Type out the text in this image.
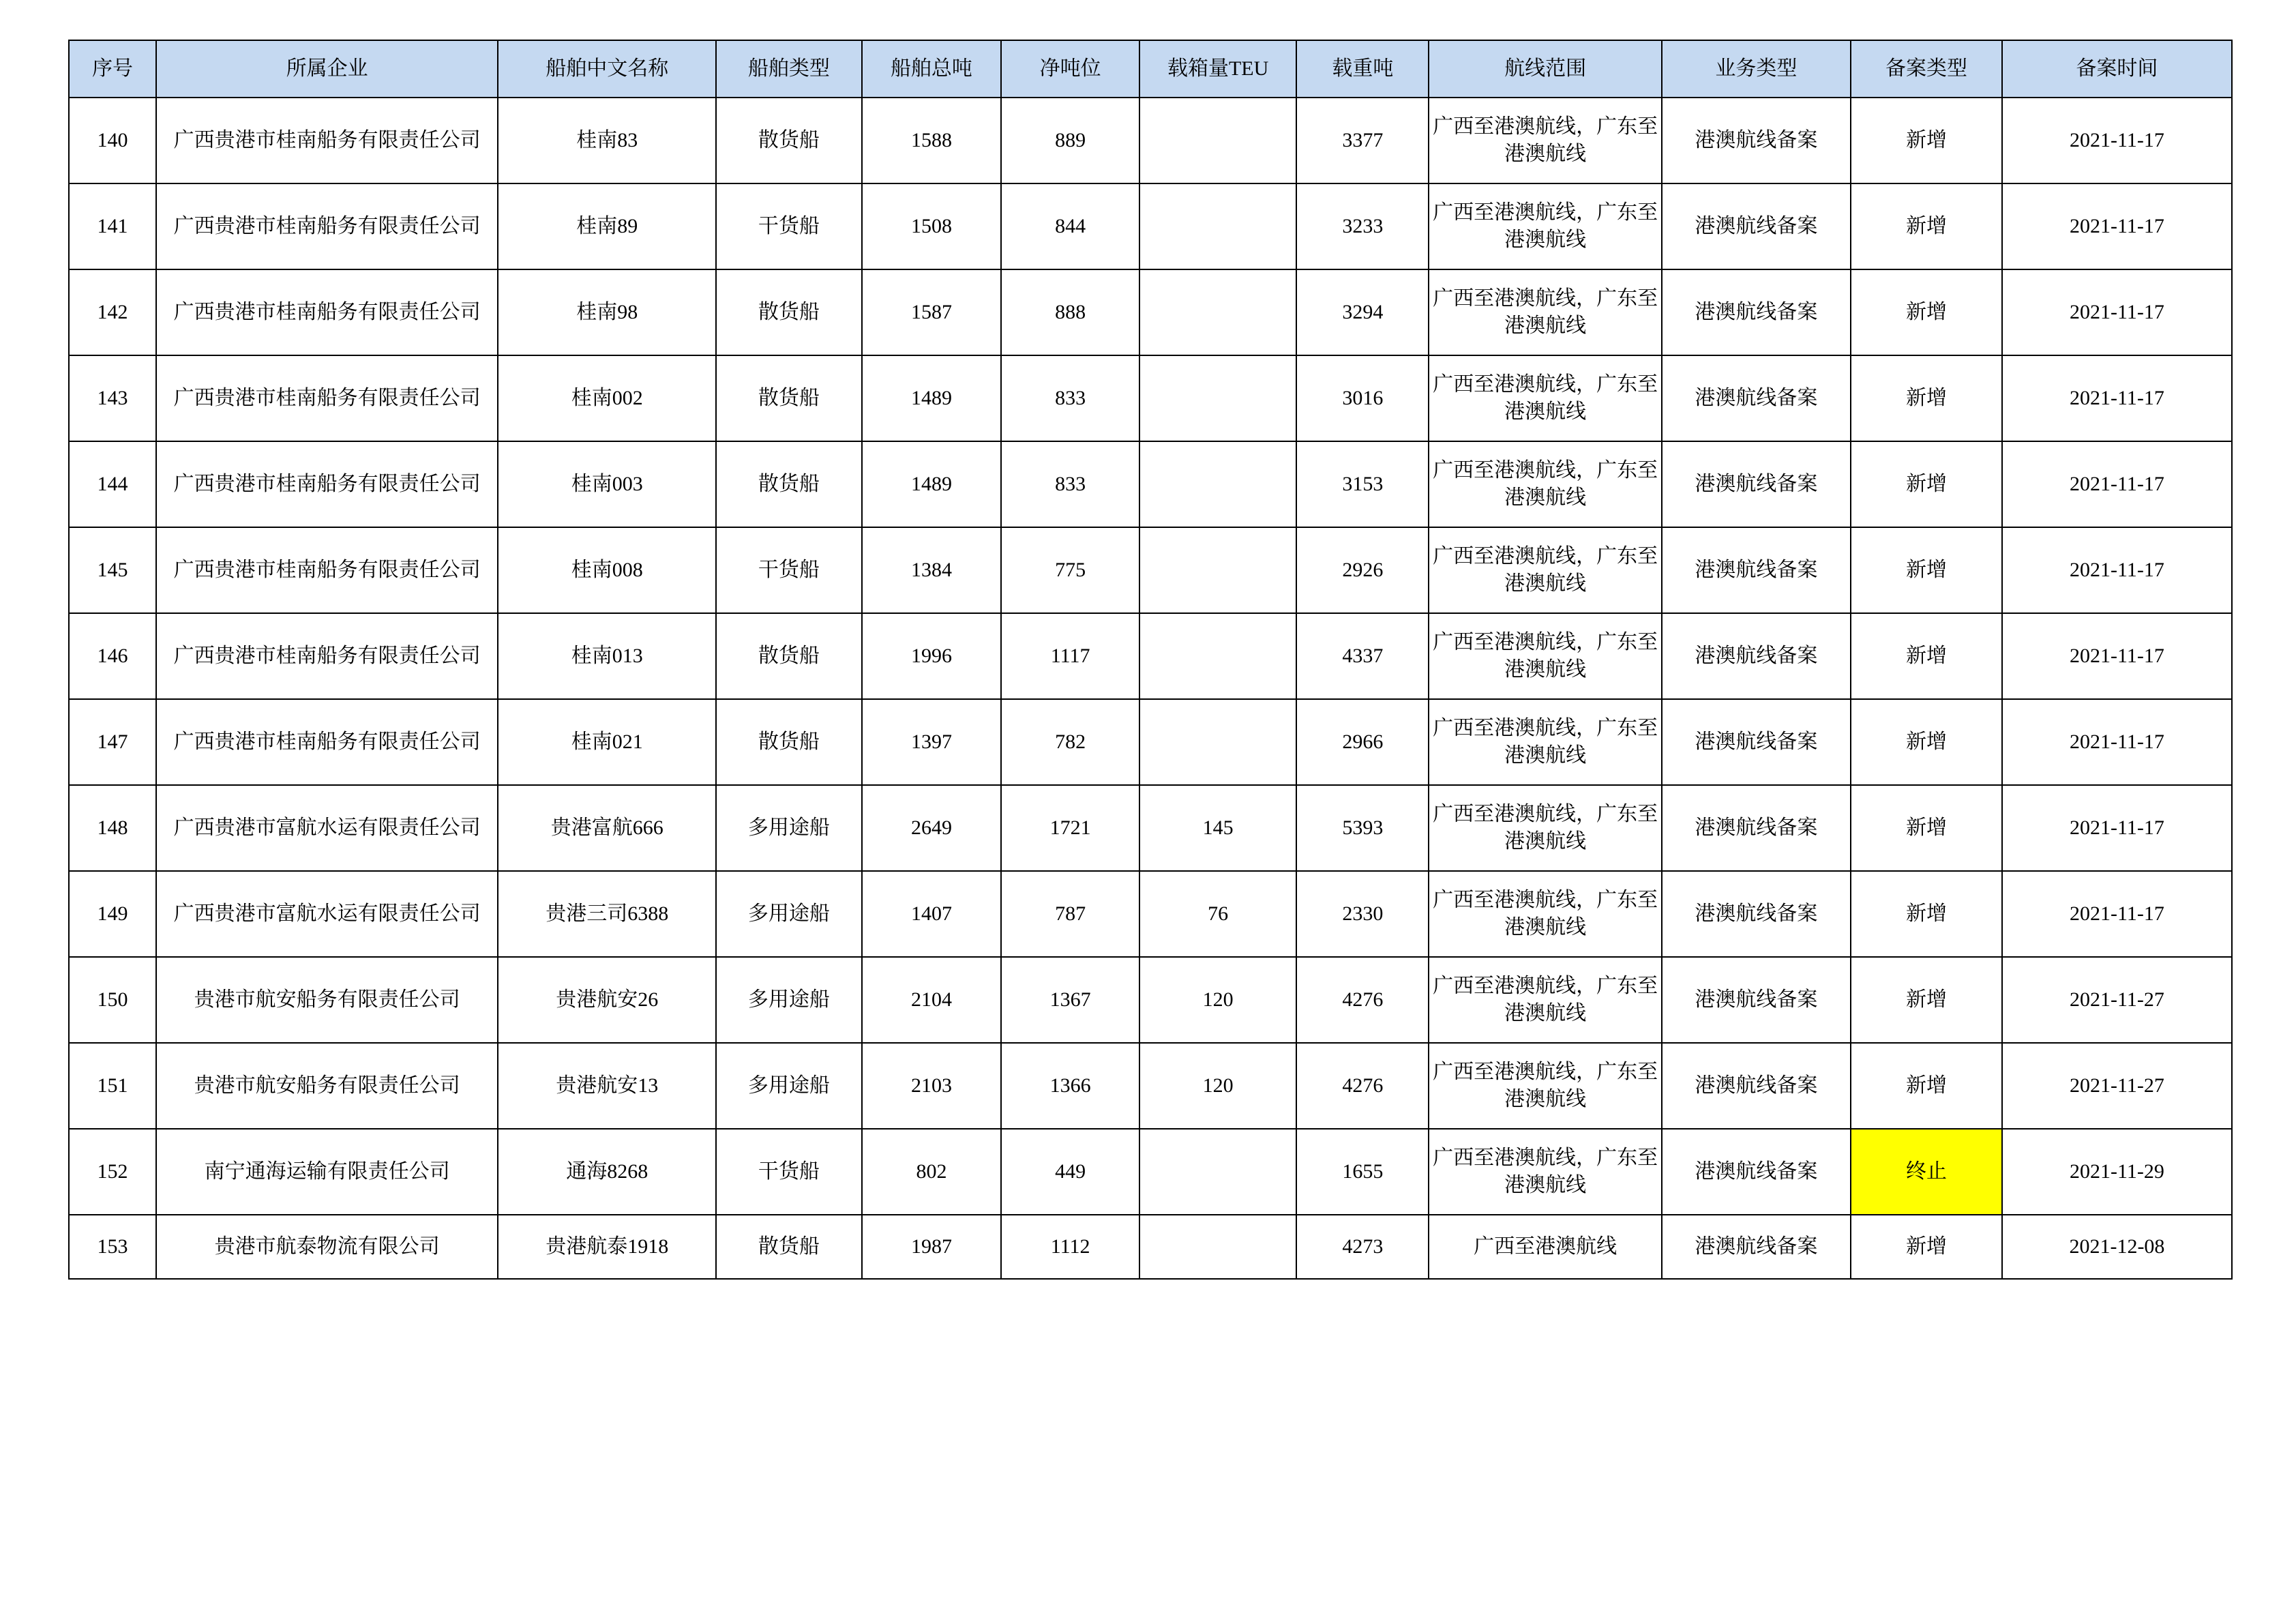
序号	所属企业	船舶中文名称	船舶类型	船舶总吨	净吨位	载箱量TEU	载重吨	航线范围	业务类型	备案类型	备案时间
140	广西贵港市桂南船务有限责任公司	桂南83	散货船	1588	889		3377	广西至港澳航线，广东至港澳航线	港澳航线备案	新增	2021-11-17
141	广西贵港市桂南船务有限责任公司	桂南89	干货船	1508	844		3233	广西至港澳航线，广东至港澳航线	港澳航线备案	新增	2021-11-17
142	广西贵港市桂南船务有限责任公司	桂南98	散货船	1587	888		3294	广西至港澳航线，广东至港澳航线	港澳航线备案	新增	2021-11-17
143	广西贵港市桂南船务有限责任公司	桂南002	散货船	1489	833		3016	广西至港澳航线，广东至港澳航线	港澳航线备案	新增	2021-11-17
144	广西贵港市桂南船务有限责任公司	桂南003	散货船	1489	833		3153	广西至港澳航线，广东至港澳航线	港澳航线备案	新增	2021-11-17
145	广西贵港市桂南船务有限责任公司	桂南008	干货船	1384	775		2926	广西至港澳航线，广东至港澳航线	港澳航线备案	新增	2021-11-17
146	广西贵港市桂南船务有限责任公司	桂南013	散货船	1996	1117		4337	广西至港澳航线，广东至港澳航线	港澳航线备案	新增	2021-11-17
147	广西贵港市桂南船务有限责任公司	桂南021	散货船	1397	782		2966	广西至港澳航线，广东至港澳航线	港澳航线备案	新增	2021-11-17
148	广西贵港市富航水运有限责任公司	贵港富航666	多用途船	2649	1721	145	5393	广西至港澳航线，广东至港澳航线	港澳航线备案	新增	2021-11-17
149	广西贵港市富航水运有限责任公司	贵港三司6388	多用途船	1407	787	76	2330	广西至港澳航线，广东至港澳航线	港澳航线备案	新增	2021-11-17
150	贵港市航安船务有限责任公司	贵港航安26	多用途船	2104	1367	120	4276	广西至港澳航线，广东至港澳航线	港澳航线备案	新增	2021-11-27
151	贵港市航安船务有限责任公司	贵港航安13	多用途船	2103	1366	120	4276	广西至港澳航线，广东至港澳航线	港澳航线备案	新增	2021-11-27
152	南宁通海运输有限责任公司	通海8268	干货船	802	449		1655	广西至港澳航线，广东至港澳航线	港澳航线备案	终止	2021-11-29
153	贵港市航泰物流有限公司	贵港航泰1918	散货船	1987	1112		4273	广西至港澳航线	港澳航线备案	新增	2021-12-08
